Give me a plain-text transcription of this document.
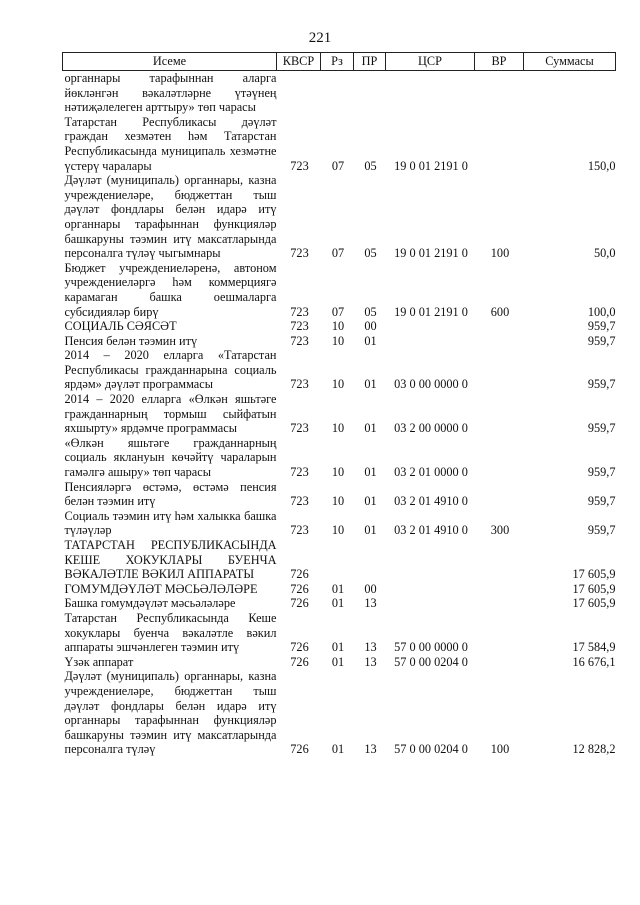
221
Исеме	КВСР	Рз	ПР	ЦСР	ВР	Суммасы
органнары тарафыннан аларга йөкләнгән вәкаләтләрне үтәүнең нәтиҗәлелеген арттыру» төп чарасы						
Татарстан Республикасы дәүләт граждан хезмәтен һәм Татарстан Республикасында муниципаль хезмәтне үстерү чаралары	723	07	05	19 0 01 2191 0		150,0
Дәүләт (муниципаль) органнары, казна учреждениеләре, бюджеттан тыш дәүләт фондлары белән идарә итү органнары тарафыннан функцияләр башкаруны тәэмин итү максатларында персоналга түләү чыгымнары	723	07	05	19 0 01 2191 0	100	50,0
Бюджет учреждениеләренә, автоном учреждениеләргә һәм коммерциягә карамаган башка оешмаларга субсидияләр бирү	723	07	05	19 0 01 2191 0	600	100,0
СОЦИАЛЬ СӘЯСӘТ	723	10	00			959,7
Пенсия белән тәэмин итү	723	10	01			959,7
2014 – 2020 елларга «Татарстан Республикасы гражданнарына социаль ярдәм» дәүләт программасы	723	10	01	03 0 00 0000 0		959,7
2014 – 2020 елларга «Өлкән яшьтәге гражданнарның тормыш сыйфатын яхшырту» ярдәмче программасы	723	10	01	03 2 00 0000 0		959,7
«Өлкән яшьтәге гражданнарның социаль яклануын көчәйтү чараларын гамәлгә ашыру» төп чарасы	723	10	01	03 2 01 0000 0		959,7
Пенсияләргә өстәмә, өстәмә пенсия белән тәэмин итү	723	10	01	03 2 01 4910 0		959,7
Социаль тәэмин итү һәм халыкка башка түләүләр	723	10	01	03 2 01 4910 0	300	959,7
ТАТАРСТАН РЕСПУБЛИКАСЫНДА КЕШЕ ХОКУКЛАРЫ БУЕНЧА ВӘКАЛӘТЛЕ ВӘКИЛ АППАРАТЫ	726					17 605,9
ГОМУМДӘҮЛӘТ МӘСЬӘЛӘЛӘРЕ	726	01	00			17 605,9
Башка гомумдәүләт мәсьәләләре	726	01	13			17 605,9
Татарстан Республикасында Кеше хокуклары буенча вәкаләтле вәкил аппараты эшчәнлеген тәэмин итү	726	01	13	57 0 00 0000 0		17 584,9
Үзәк аппарат	726	01	13	57 0 00 0204 0		16 676,1
Дәүләт (муниципаль) органнары, казна учреждениеләре, бюджеттан тыш дәүләт фондлары белән идарә итү органнары тарафыннан функцияләр башкаруны тәэмин итү максатларында персоналга түләү	726	01	13	57 0 00 0204 0	100	12 828,2
